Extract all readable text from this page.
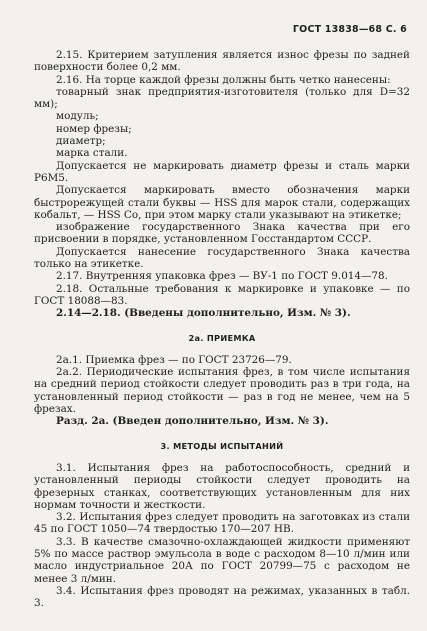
ГОСТ 13838—68 С. 6

2.15. Критерием затупления является износ фрезы по задней поверхности более 0,2 мм.

2.16. На торце каждой фрезы должны быть четко нанесены:

товарный знак предприятия-изготовителя (только для D=32 мм);

модуль;

номер фрезы;

диаметр;

марка стали.

Допускается не маркировать диаметр фрезы и сталь марки Р6М5.

Допускается маркировать вместо обозначения марки быстрорежущей стали буквы — HSS для марок стали, содержащих кобальт, — HSS Co, при этом марку стали указывают на этикетке;

изображение государственного Знака качества при его присвоении в порядке, установленном Госстандартом СССР.

Допускается нанесение государственного Знака качества только на этикетке.

2.17. Внутренняя упаковка фрез — ВУ-1 по ГОСТ 9.014—78.

2.18. Остальные требования к маркировке и упаковке — по ГОСТ 18088—83.

2.14—2.18. (Введены дополнительно, Изм. № 3).

2а. ПРИЕМКА

2а.1. Приемка фрез — по ГОСТ 23726—79.

2а.2. Периодические испытания фрез, в том числе испытания на средний период стойкости следует проводить раз в три года, на установленный период стойкости — раз в год не менее, чем на 5 фрезах.

Разд. 2а. (Введен дополнительно, Изм. № 3).

3. МЕТОДЫ ИСПЫТАНИЙ

3.1. Испытания фрез на работоспособность, средний и установленный периоды стойкости следует проводить на фрезерных станках, соответствующих установленным для них нормам точности и жесткости.

3.2. Испытания фрез следует проводить на заготовках из стали 45 по ГОСТ 1050—74 твердостью 170—207 НВ.

3.3. В качестве смазочно-охлаждающей жидкости применяют 5% по массе раствор эмульсола в воде с расходом 8—10 л/мин или масло индустриальное 20А по ГОСТ 20799—75 с расходом не менее 3 л/мин.

3.4. Испытания фрез проводят на режимах, указанных в табл. 3.
